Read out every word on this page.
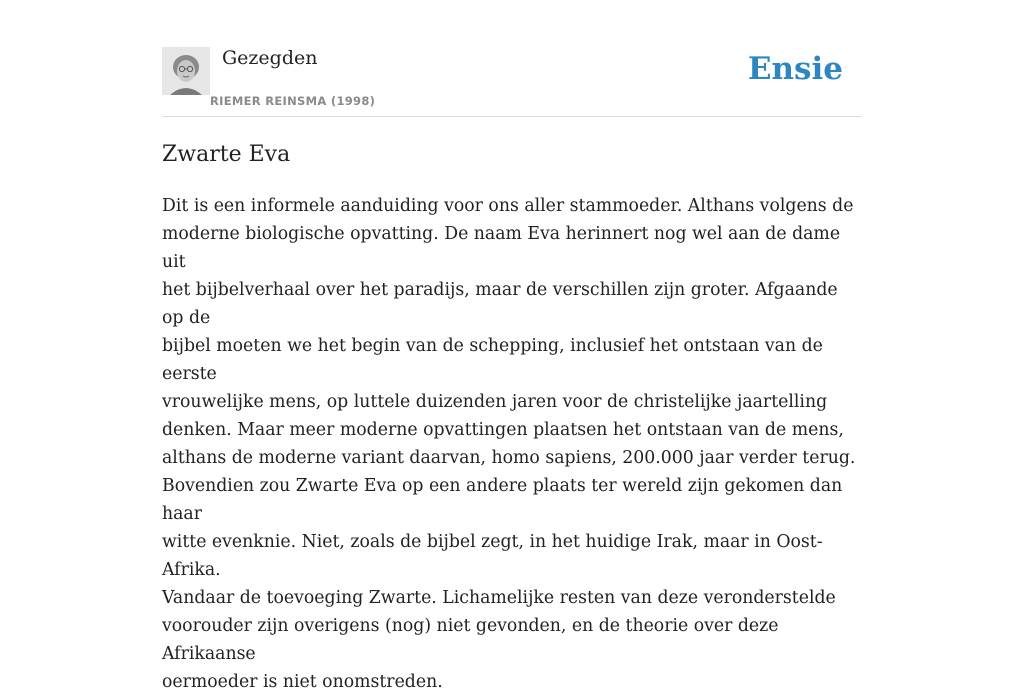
Gezegden
RIEMER REINSMA (1998)
Ensie
Zwarte Eva

Dit is een informele aanduiding voor ons aller stammoeder. Althans volgens de
moderne biologische opvatting. De naam Eva herinnert nog wel aan de dame uit
het bijbelverhaal over het paradijs, maar de verschillen zijn groter. Afgaande op de
bijbel moeten we het begin van de schepping, inclusief het ontstaan van de eerste
vrouwelijke mens, op luttele duizenden jaren voor de christelijke jaartelling
denken. Maar meer moderne opvattingen plaatsen het ontstaan van de mens,
althans de moderne variant daarvan, homo sapiens, 200.000 jaar verder terug.
Bovendien zou Zwarte Eva op een andere plaats ter wereld zijn gekomen dan haar
witte evenknie. Niet, zoals de bijbel zegt, in het huidige Irak, maar in Oost-Afrika.
Vandaar de toevoeging Zwarte. Lichamelijke resten van deze veronderstelde
voorouder zijn overigens (nog) niet gevonden, en de theorie over deze Afrikaanse
oermoeder is niet onomstreden.
